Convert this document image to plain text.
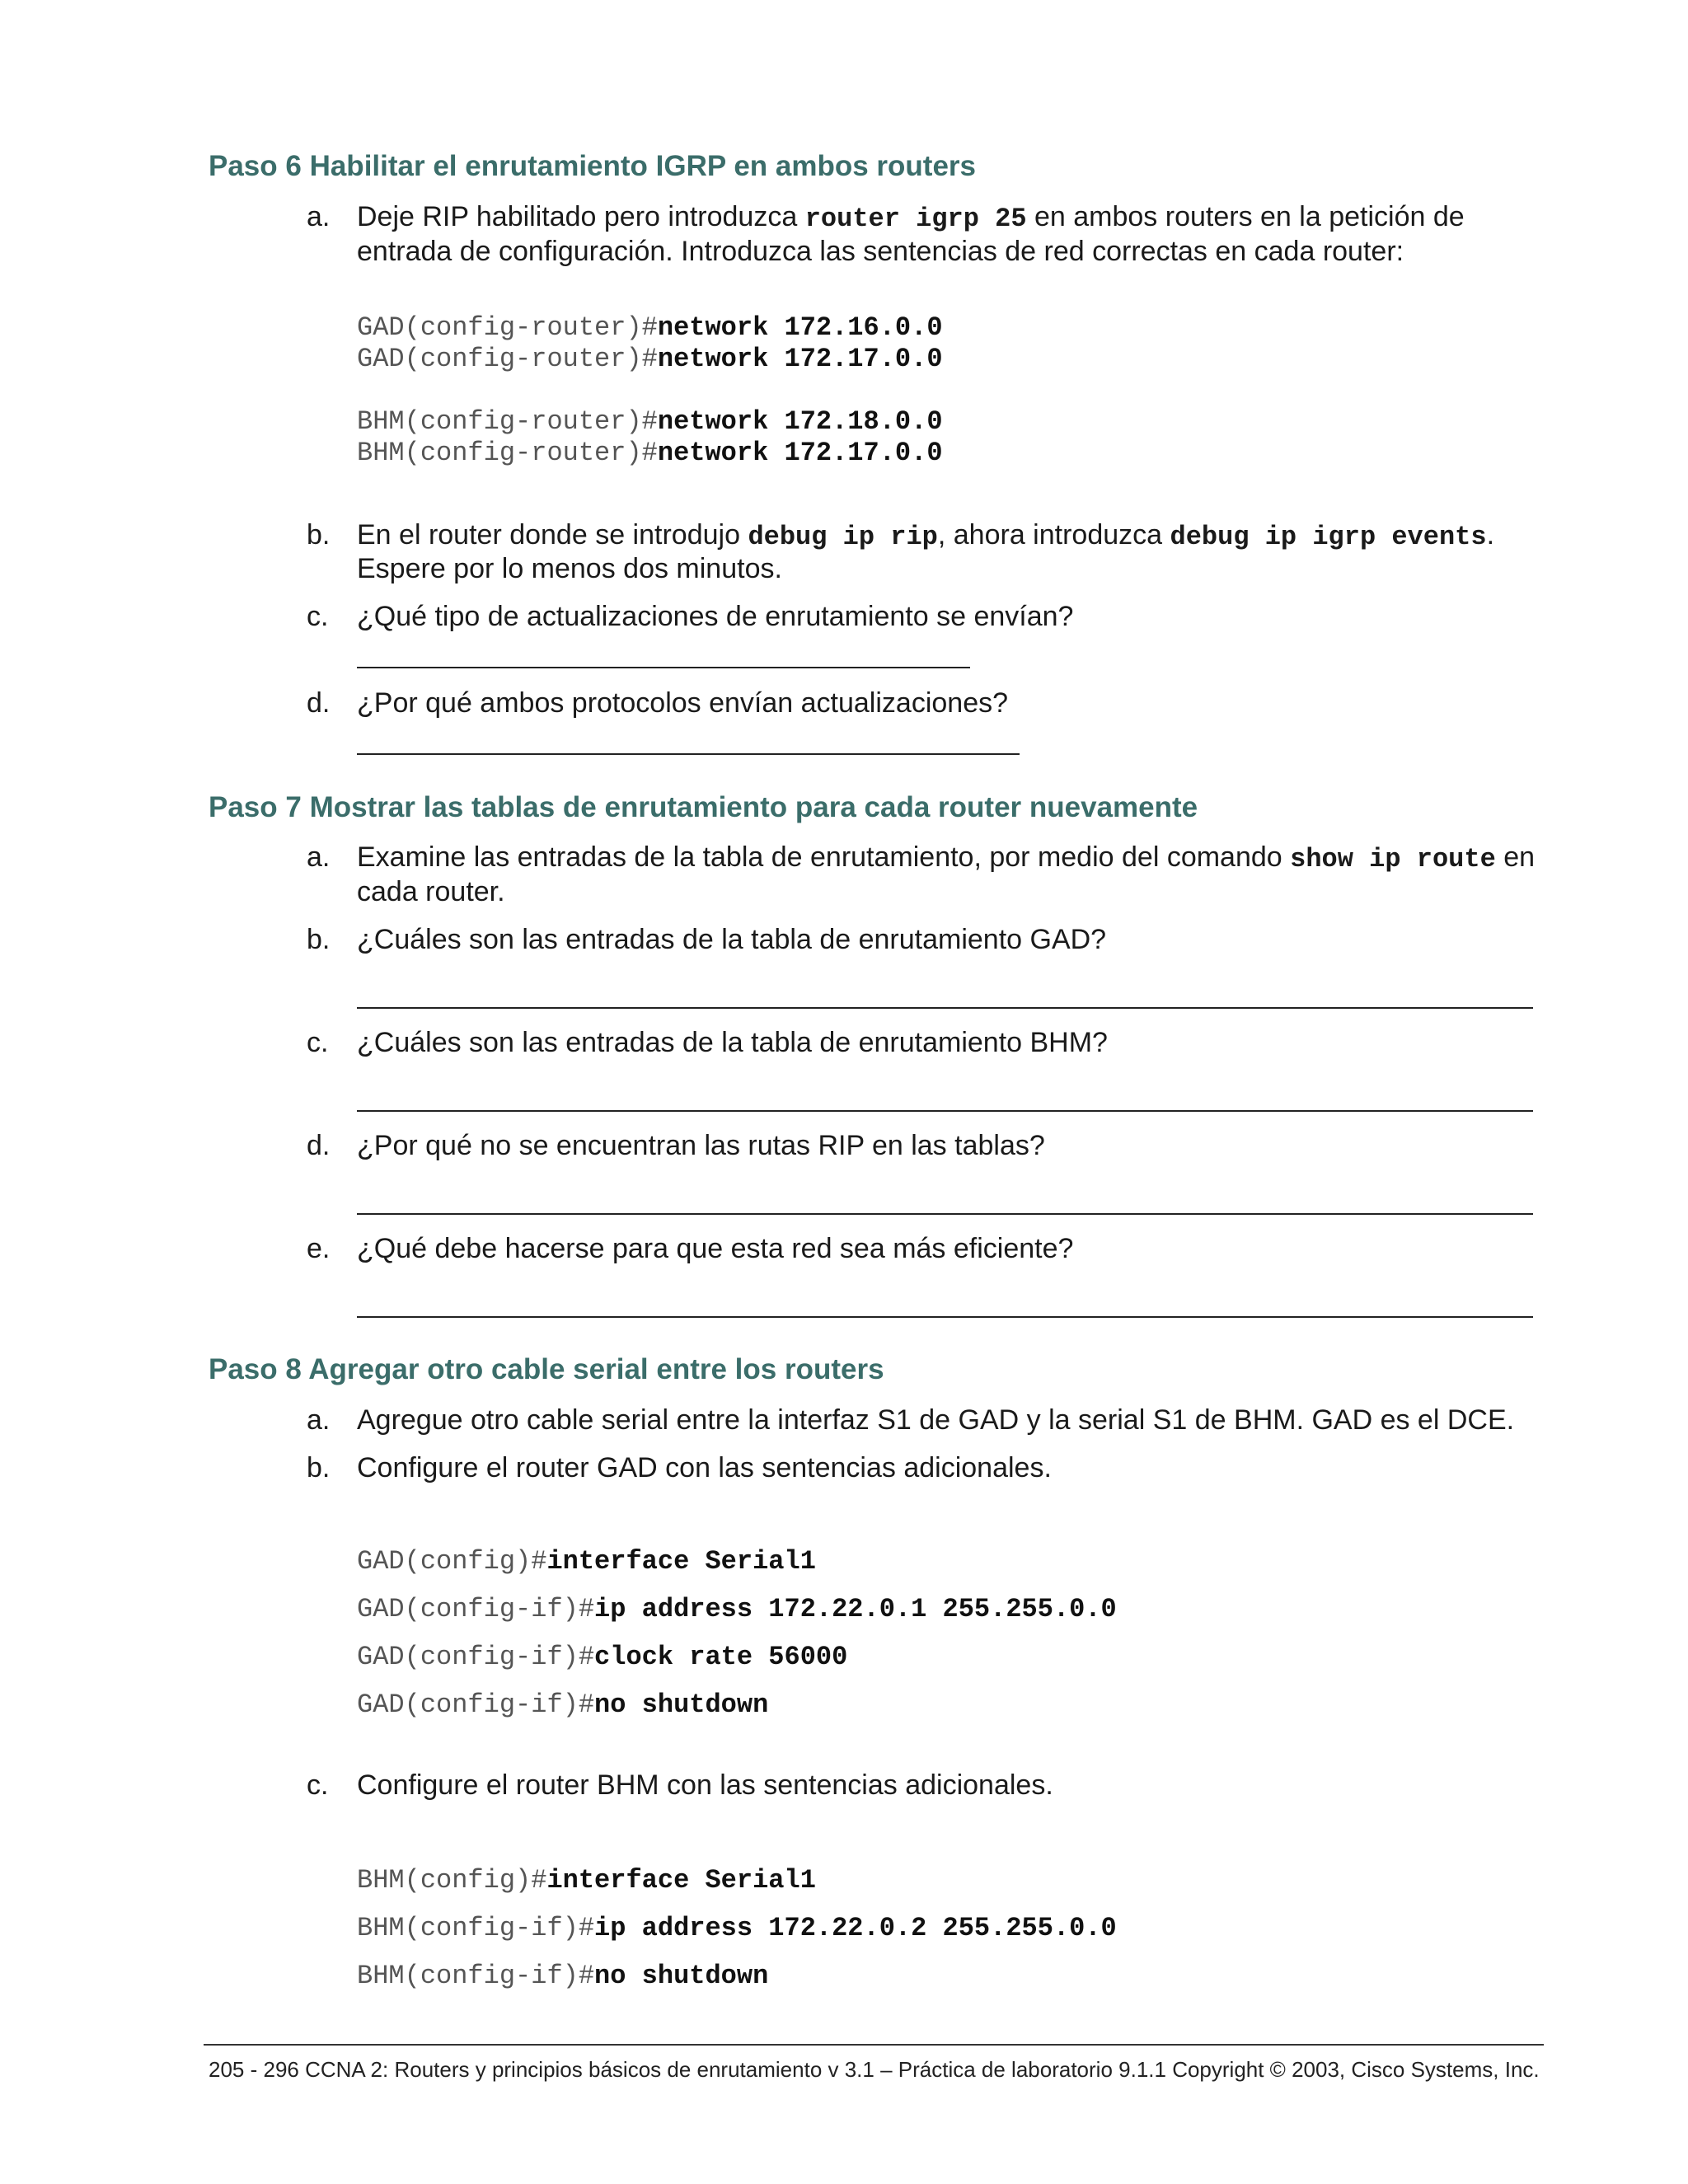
Paso 6 Habilitar el enrutamiento IGRP en ambos routers
a. Deje RIP habilitado pero introduzca router igrp 25 en ambos routers en la petición de
entrada de configuración. Introduzca las sentencias de red correctas en cada router:
GAD(config-router)#network 172.16.0.0
GAD(config-router)#network 172.17.0.0
BHM(config-router)#network 172.18.0.0
BHM(config-router)#network 172.17.0.0
b. En el router donde se introdujo debug ip rip, ahora introduzca debug ip igrp events.
Espere por lo menos dos minutos.
c. ¿Qué tipo de actualizaciones de enrutamiento se envían?
d. ¿Por qué ambos protocolos envían actualizaciones?
Paso 7 Mostrar las tablas de enrutamiento para cada router nuevamente
a. Examine las entradas de la tabla de enrutamiento, por medio del comando show ip route en
cada router.
b. ¿Cuáles son las entradas de la tabla de enrutamiento GAD?
c. ¿Cuáles son las entradas de la tabla de enrutamiento BHM?
d. ¿Por qué no se encuentran las rutas RIP en las tablas?
e. ¿Qué debe hacerse para que esta red sea más eficiente?
Paso 8 Agregar otro cable serial entre los routers
a. Agregue otro cable serial entre la interfaz S1 de GAD y la serial S1 de BHM. GAD es el DCE.
b. Configure el router GAD con las sentencias adicionales.
GAD(config)#interface Serial1
GAD(config-if)#ip address 172.22.0.1 255.255.0.0
GAD(config-if)#clock rate 56000
GAD(config-if)#no shutdown
c. Configure el router BHM con las sentencias adicionales.
BHM(config)#interface Serial1
BHM(config-if)#ip address 172.22.0.2 255.255.0.0
BHM(config-if)#no shutdown
205 - 296 CCNA 2: Routers y principios básicos de enrutamiento v 3.1 – Práctica de laboratorio 9.1.1 Copyright © 2003, Cisco Systems, Inc.
